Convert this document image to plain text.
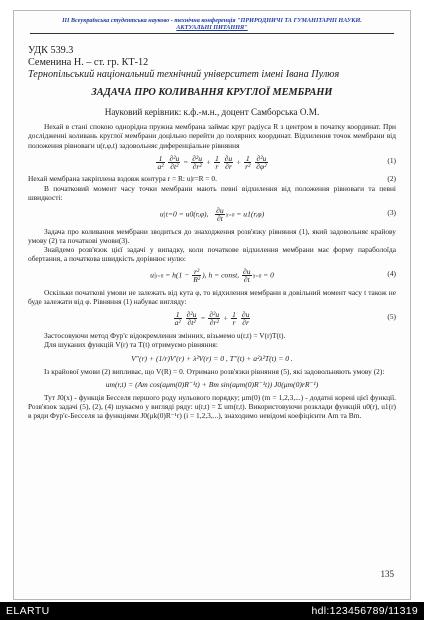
III Всеукраїнська студентська науково - технічна конференція "ПРИРОДНИЧІ ТА ГУМАНІТАРНІ НАУКИ.
АКТУАЛЬНІ ПИТАННЯ"
УДК 539.3
Семенина Н. – ст. гр. КТ-12
Тернопільський національний технічний університет імені Івана Пулюя
ЗАДАЧА ПРО КОЛИВАННЯ КРУГЛОЇ МЕМБРАНИ
Науковий керівник: к.ф.-м.н., доцент Самборська О.М.

Нехай в стані спокою однорідна пружна мембрана займає круг радіуса R з центром в початку координат. При дослідженні коливань круглої мембрани доцільно перейти до полярних координат. Відхилення точок мембрани від положення рівноваги u(r,φ,t) задовольняє диференціальне рівняння

$\frac{1}{\text{a²}}$
$\frac{\text{∂²u}}{\text{∂t²}} = \frac{\text{∂²u}}{\text{∂r²}} + \frac{1}{r}$
$\frac{\partial u}{\partial r} + \frac{1}{\text{r²}}$
$\frac{\text{∂²u}}{\text{∂φ²}}$	(1)

Нехай мембрана закріплена вздовж контура r = R: u|r=R = 0.	(2)

В початковий момент часу точки мембрани мають певні відхилення від положення рівноваги та певні швидкості:

u|t=0 = u0(r,φ), $\frac{\partial u}{\partial t} |t=0 = u1(r,\varphi)$	(3)

Задача про коливання мембрани зводиться до знаходження розв'язку рівняння (1), який задовольняє крайову умову (2) та початкові умови(3).

Знайдемо розв'язок цієї задачі у випадку, коли початкове відхилення мембрани має форму параболоїда обертання, а початкова швидкість дорівнює нулю:

$u|t=0 = h(1 - \frac{\text{r²}}{\text{R²}}$ ), h = const, $\frac{\partial u}{\partial t} |t=0 = 0$	(4)

Оскільки початкові умови не залежать від кута φ, то відхилення мембрани в довільний момент часу t також не буде залежати від φ. Рівняння (1) набуває вигляду:

$\frac{1}{\text{a²}}$
$\frac{\text{∂²u}}{\text{∂t²}} = \frac{\text{∂²u}}{\text{∂r²}} + \frac{1}{r}$
$\frac{\partial u}{\partial r}$	(5)

Застосовуючи метод Фур'є відокремлення змінних, візьмемо u(r,t) = V(r)T(t).

Для шуканих функцій V(r) та T(t) отримуємо рівняння:

V''(r) + (1/r)V'(r) + λ²V(r) = 0 , T''(t) + a²λ²T(t) = 0 .

Із крайової умови (2) випливає, що V(R) = 0. Отримано розв'язки рівняння (5), які задовольняють умову (2):

um(r,t) = (Am cos(aμm(0)R⁻¹t) + Bm sin(aμm(0)R⁻¹t)) J0(μm(0)rR⁻¹)

Тут J0(x) - функція Бесселя першого роду нульового порядку; μm(0) (m = 1,2,3,...) - додатні корені цієї функції. Розв'язок задачі (5), (2), (4) шукаємо у вигляді ряду: u(r,t) = Σ um(r,t). Використовуючи розклади функцій u0(r), u1(r) в ряди Фур'є-Бесселя за функціями J0(μk(0)R⁻¹r) (i = 1,2,3,...), знаходимо невідомі коефіцієнти Am та Bm.

135
ELARTU	hdl:123456789/11319
